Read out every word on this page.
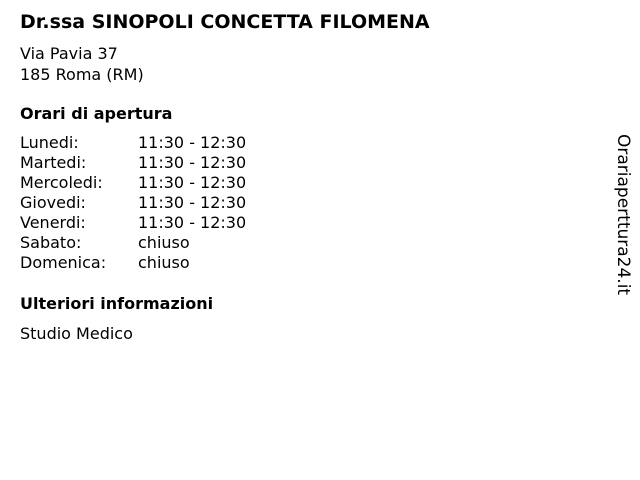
Dr.ssa SINOPOLI CONCETTA FILOMENA
Via Pavia 37
185 Roma (RM)
Orari di apertura
Lunedi:	11:30 - 12:30
Martedi:	11:30 - 12:30
Mercoledi:	11:30 - 12:30
Giovedi:	11:30 - 12:30
Venerdi:	11:30 - 12:30
Sabato:	chiuso
Domenica:	chiuso
Ulteriori informazioni
Studio Medico
Orariaperttura24.it
